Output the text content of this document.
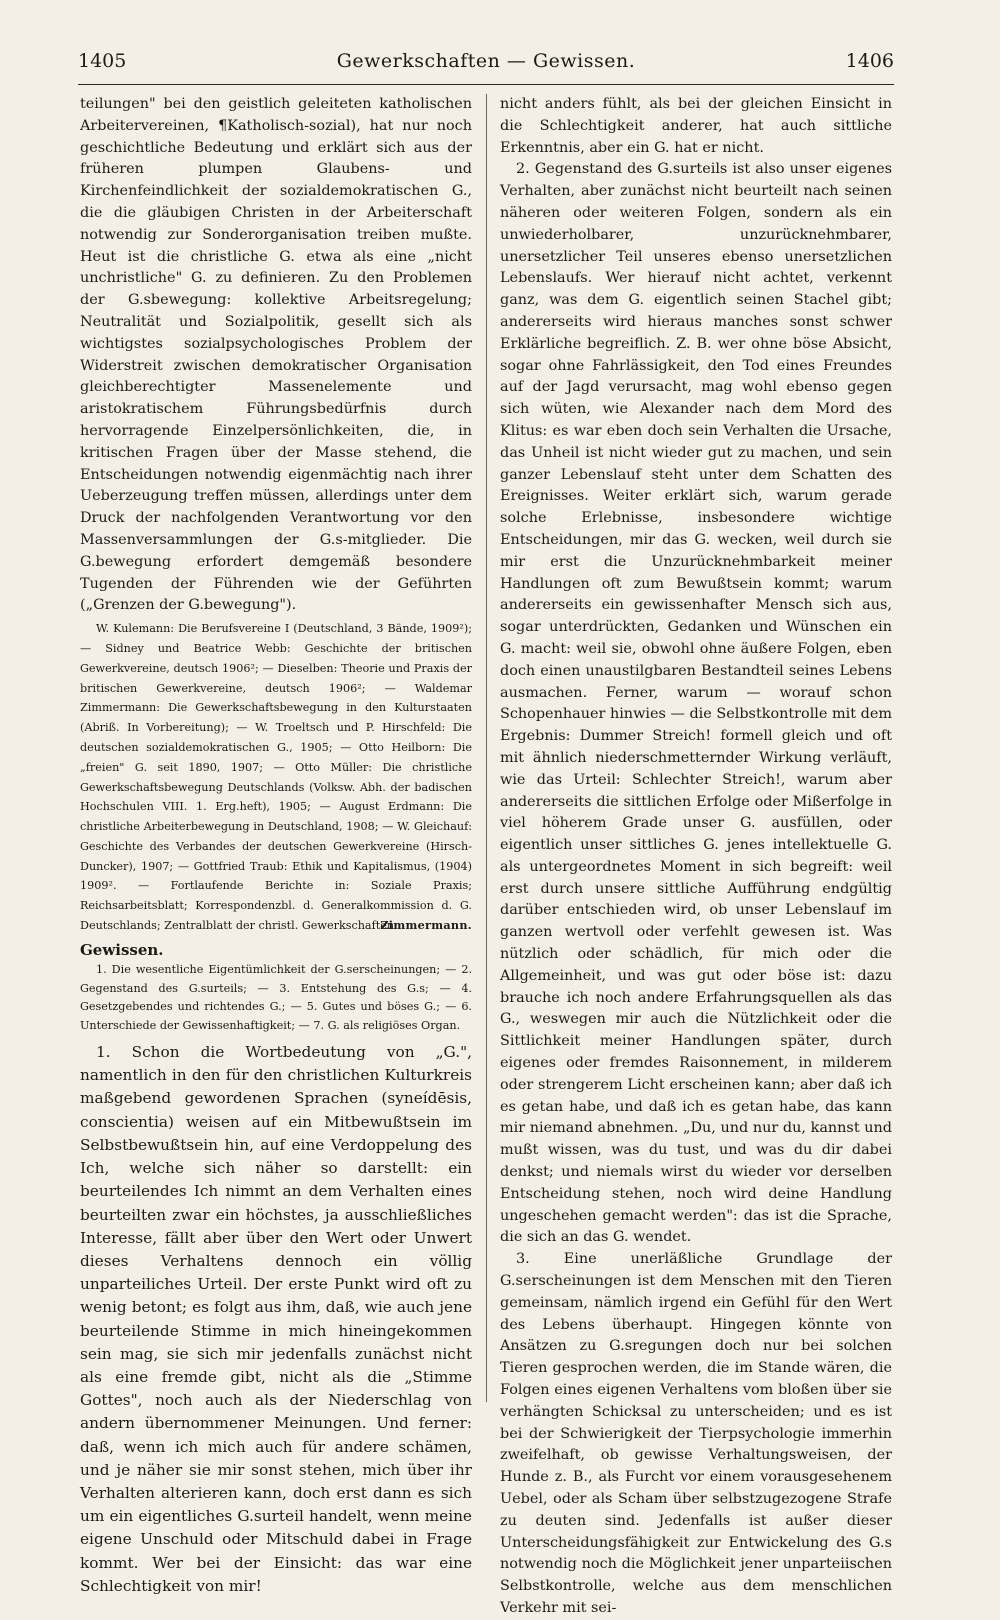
1405	Gewerkschaften — Gewissen.	1406

teilungen" bei den geistlich geleiteten katholischen Arbeitervereinen, ¶Katholisch-sozial), hat nur noch geschichtliche Bedeutung und erklärt sich aus der früheren plumpen Glaubens- und Kirchenfeindlichkeit der sozialdemokratischen G., die die gläubigen Christen in der Arbeiterschaft notwendig zur Sonderorganisation treiben mußte. Heut ist die christliche G. etwa als eine „nicht unchristliche" G. zu definieren. Zu den Problemen der G.sbewegung: kollektive Arbeitsregelung; Neutralität und Sozialpolitik, gesellt sich als wichtigstes sozialpsychologisches Problem der Widerstreit zwischen demokratischer Organisation gleichberechtigter Massenelemente und aristokratischem Führungsbedürfnis durch hervorragende Einzelpersönlichkeiten, die, in kritischen Fragen über der Masse stehend, die Entscheidungen notwendig eigenmächtig nach ihrer Ueberzeugung treffen müssen, allerdings unter dem Druck der nachfolgenden Verantwortung vor den Massenversammlungen der G.s-mitglieder. Die G.bewegung erfordert demgemäß besondere Tugenden der Führenden wie der Geführten („Grenzen der G.bewegung").

W. Kulemann: Die Berufsvereine I (Deutschland, 3 Bände, 1909²); — Sidney und Beatrice Webb: Geschichte der britischen Gewerkvereine, deutsch 1906²; — Dieselben: Theorie und Praxis der britischen Gewerkvereine, deutsch 1906²; — Waldemar Zimmermann: Die Gewerkschaftsbewegung in den Kulturstaaten (Abriß. In Vorbereitung); — W. Troeltsch und P. Hirschfeld: Die deutschen sozialdemokratischen G., 1905; — Otto Heilborn: Die „freien" G. seit 1890, 1907; — Otto Müller: Die christliche Gewerkschaftsbewegung Deutschlands (Volksw. Abh. der badischen Hochschulen VIII. 1. Erg.heft), 1905; — August Erdmann: Die christliche Arbeiterbewegung in Deutschland, 1908; — W. Gleichauf: Geschichte des Verbandes der deutschen Gewerkvereine (Hirsch-Duncker), 1907; — Gottfried Traub: Ethik und Kapitalismus, (1904) 1909². — Fortlaufende Berichte in: Soziale Praxis; Reichsarbeitsblatt; Korrespondenzbl. d. Generalkommission d. G. Deutschlands; Zentralblatt der christl. Gewerkschaften.

Zimmermann.
Gewissen.

1. Die wesentliche Eigentümlichkeit der G.serscheinungen; — 2. Gegenstand des G.surteils; — 3. Entstehung des G.s; — 4. Gesetzgebendes und richtendes G.; — 5. Gutes und böses G.; — 6. Unterschiede der Gewissenhaftigkeit; — 7. G. als religiöses Organ.

1. Schon die Wortbedeutung von „G.", namentlich in den für den christlichen Kulturkreis maßgebend gewordenen Sprachen (syneídēsis, conscientia) weisen auf ein Mitbewußtsein im Selbstbewußtsein hin, auf eine Verdoppelung des Ich, welche sich näher so darstellt: ein beurteilendes Ich nimmt an dem Verhalten eines beurteilten zwar ein höchstes, ja ausschließliches Interesse, fällt aber über den Wert oder Unwert dieses Verhaltens dennoch ein völlig unparteiliches Urteil. Der erste Punkt wird oft zu wenig betont; es folgt aus ihm, daß, wie auch jene beurteilende Stimme in mich hineingekommen sein mag, sie sich mir jedenfalls zunächst nicht als eine fremde gibt, nicht als die „Stimme Gottes", noch auch als der Niederschlag von andern übernommener Meinungen. Und ferner: daß, wenn ich mich auch für andere schämen, und je näher sie mir sonst stehen, mich über ihr Verhalten alterieren kann, doch erst dann es sich um ein eigentliches G.surteil handelt, wenn meine eigene Unschuld oder Mitschuld dabei in Frage kommt. Wer bei der Einsicht: das war eine Schlechtigkeit von mir!

nicht anders fühlt, als bei der gleichen Einsicht in die Schlechtigkeit anderer, hat auch sittliche Erkenntnis, aber ein G. hat er nicht.

2. Gegenstand des G.surteils ist also unser eigenes Verhalten, aber zunächst nicht beurteilt nach seinen näheren oder weiteren Folgen, sondern als ein unwiederholbarer, unzurücknehmbarer, unersetzlicher Teil unseres ebenso unersetzlichen Lebenslaufs. Wer hierauf nicht achtet, verkennt ganz, was dem G. eigentlich seinen Stachel gibt; andererseits wird hieraus manches sonst schwer Erklärliche begreiflich. Z. B. wer ohne böse Absicht, sogar ohne Fahrlässigkeit, den Tod eines Freundes auf der Jagd verursacht, mag wohl ebenso gegen sich wüten, wie Alexander nach dem Mord des Klitus: es war eben doch sein Verhalten die Ursache, das Unheil ist nicht wieder gut zu machen, und sein ganzer Lebenslauf steht unter dem Schatten des Ereignisses. Weiter erklärt sich, warum gerade solche Erlebnisse, insbesondere wichtige Entscheidungen, mir das G. wecken, weil durch sie mir erst die Unzurücknehmbarkeit meiner Handlungen oft zum Bewußtsein kommt; warum andererseits ein gewissenhafter Mensch sich aus, sogar unterdrückten, Gedanken und Wünschen ein G. macht: weil sie, obwohl ohne äußere Folgen, eben doch einen unaustilgbaren Bestandteil seines Lebens ausmachen. Ferner, warum — worauf schon Schopenhauer hinwies — die Selbstkontrolle mit dem Ergebnis: Dummer Streich! formell gleich und oft mit ähnlich niederschmetternder Wirkung verläuft, wie das Urteil: Schlechter Streich!, warum aber andererseits die sittlichen Erfolge oder Mißerfolge in viel höherem Grade unser G. ausfüllen, oder eigentlich unser sittliches G. jenes intellektuelle G. als untergeordnetes Moment in sich begreift: weil erst durch unsere sittliche Aufführung endgültig darüber entschieden wird, ob unser Lebenslauf im ganzen wertvoll oder verfehlt gewesen ist. Was nützlich oder schädlich, für mich oder die Allgemeinheit, und was gut oder böse ist: dazu brauche ich noch andere Erfahrungsquellen als das G., weswegen mir auch die Nützlichkeit oder die Sittlichkeit meiner Handlungen später, durch eigenes oder fremdes Raisonnement, in milderem oder strengerem Licht erscheinen kann; aber daß ich es getan habe, und daß ich es getan habe, das kann mir niemand abnehmen. „Du, und nur du, kannst und mußt wissen, was du tust, und was du dir dabei denkst; und niemals wirst du wieder vor derselben Entscheidung stehen, noch wird deine Handlung ungeschehen gemacht werden": das ist die Sprache, die sich an das G. wendet.

3. Eine unerläßliche Grundlage der G.serscheinungen ist dem Menschen mit den Tieren gemeinsam, nämlich irgend ein Gefühl für den Wert des Lebens überhaupt. Hingegen könnte von Ansätzen zu G.sregungen doch nur bei solchen Tieren gesprochen werden, die im Stande wären, die Folgen eines eigenen Verhaltens vom bloßen über sie verhängten Schicksal zu unterscheiden; und es ist bei der Schwierigkeit der Tierpsychologie immerhin zweifelhaft, ob gewisse Verhaltungsweisen, der Hunde z. B., als Furcht vor einem vorausgesehenem Uebel, oder als Scham über selbstzugezogene Strafe zu deuten sind. Jedenfalls ist außer dieser Unterscheidungsfähigkeit zur Entwickelung des G.s notwendig noch die Möglichkeit jener unparteiischen Selbstkontrolle, welche aus dem menschlichen Verkehr mit sei-
